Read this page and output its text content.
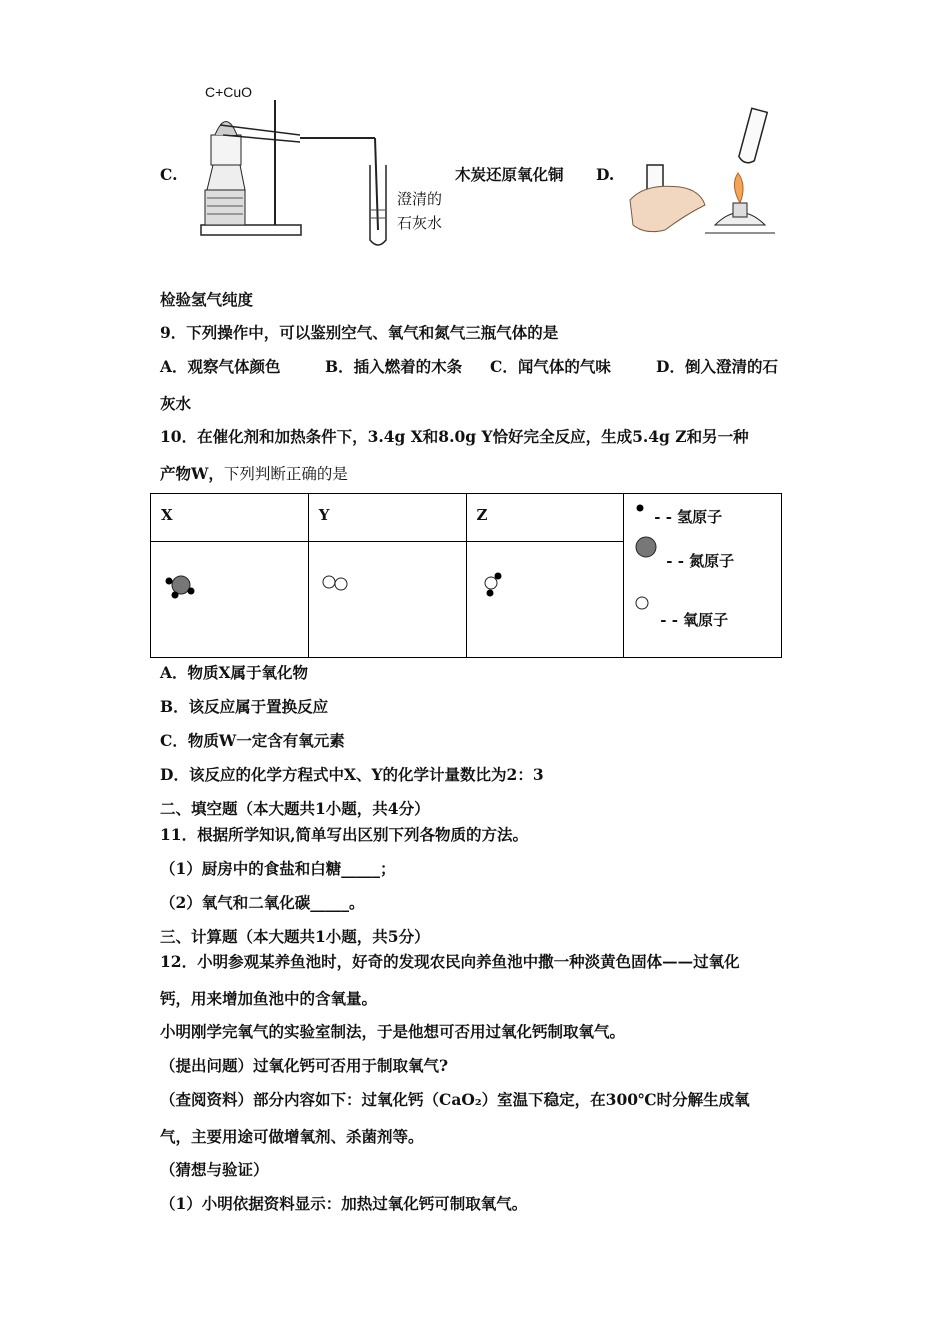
C.
C+CuO
澄清的
石灰水
木炭还原氧化铜 D.
检验氢气纯度
9．下列操作中，可以鉴别空气、氧气和氮气三瓶气体的是
A．观察气体颜色	B．插入燃着的木条 C．闻气体的气味	D．倒入澄清的石
灰水
10．在催化剂和加热条件下，3.4g X和8.0g Y恰好完全反应，生成5.4g Z和另一种
产物W，下列判断正确的是
X	Y	Z	- - 氢原子
- - 氮原子
- - 氧原子

A．物质X属于氧化物
B．该反应属于置换反应
C．物质W一定含有氧元素
D．该反应的化学方程式中X、Y的化学计量数比为2：3
二、填空题（本大题共1小题，共4分）
11．根据所学知识,简单写出区别下列各物质的方法。
（1）厨房中的食盐和白糖_____；
（2）氧气和二氧化碳_____。
三、计算题（本大题共1小题，共5分）
12．小明参观某养鱼池时，好奇的发现农民向养鱼池中撒一种淡黄色固体——过氧化
钙，用来增加鱼池中的含氧量。
小明刚学完氧气的实验室制法，于是他想可否用过氧化钙制取氧气。
（提出问题）过氧化钙可否用于制取氧气?
（查阅资料）部分内容如下：过氧化钙（CaO₂）室温下稳定，在300℃时分解生成氧
气，主要用途可做增氧剂、杀菌剂等。
（猜想与验证）
（1）小明依据资料显示：加热过氧化钙可制取氧气。
